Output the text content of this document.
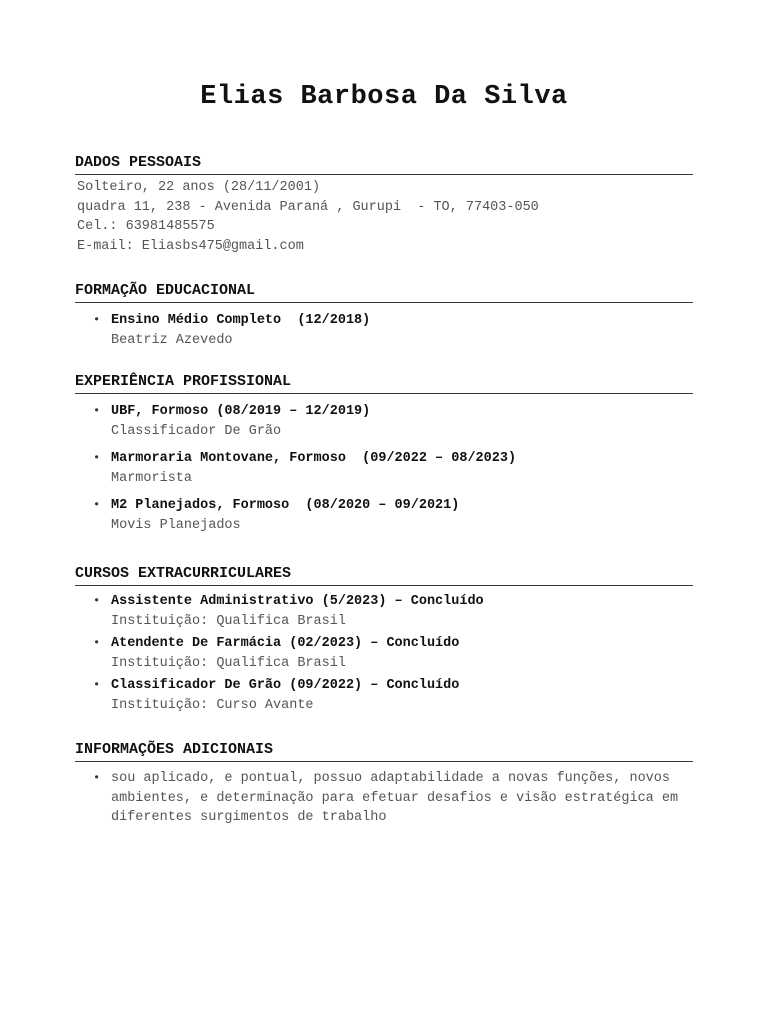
Elias Barbosa Da Silva
DADOS PESSOAIS
Solteiro, 22 anos (28/11/2001)
quadra 11, 238 - Avenida Paraná , Gurupi  - TO, 77403-050
Cel.: 63981485575
E-mail: Eliasbs475@gmail.com
FORMAÇÃO EDUCACIONAL
• Ensino Médio Completo  (12/2018)
Beatriz Azevedo
EXPERIÊNCIA PROFISSIONAL
• UBF, Formoso (08/2019 – 12/2019)
Classificador De Grão
• Marmoraria Montovane, Formoso  (09/2022 – 08/2023)
Marmorista
• M2 Planejados, Formoso  (08/2020 – 09/2021)
Movis Planejados
CURSOS EXTRACURRICULARES
• Assistente Administrativo (5/2023) – Concluído
Instituição: Qualifica Brasil
• Atendente De Farmácia (02/2023) – Concluído
Instituição: Qualifica Brasil
• Classificador De Grão (09/2022) – Concluído
Instituição: Curso Avante
INFORMAÇÕES ADICIONAIS
• sou aplicado, e pontual, possuo adaptabilidade a novas funções, novos ambientes, e determinação para efetuar desafios e visão estratégica em diferentes surgimentos de trabalho
